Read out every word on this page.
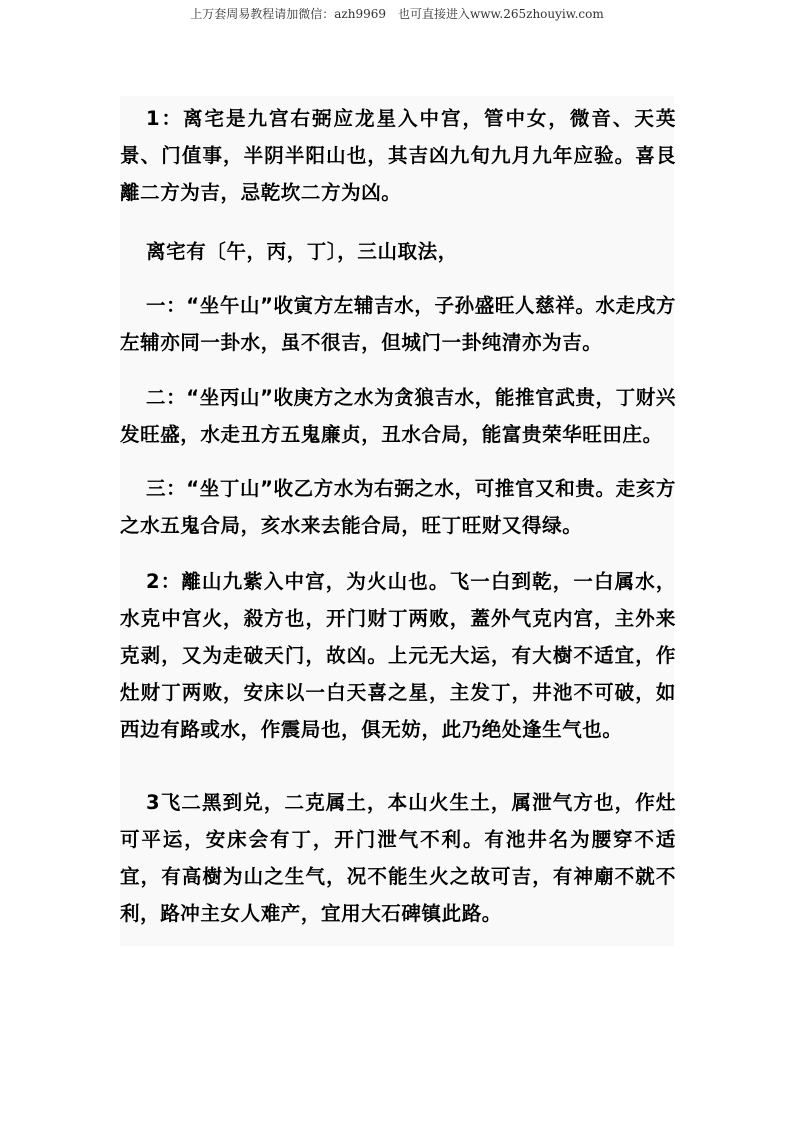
上万套周易教程请加微信：azh9969　也可直接进入www.265zhouyiw.com

1：离宅是九宫右弼应龙星入中宫，管中女，微音、天英景、门值事，半阴半阳山也，其吉凶九旬九月九年应验。喜艮離二方为吉，忌乾坎二方为凶。

离宅有〔午，丙，丁〕，三山取法，

一：“坐午山”收寅方左辅吉水，子孙盛旺人慈祥。水走戌方左辅亦同一卦水，虽不很吉，但城门一卦纯清亦为吉。

二：“坐丙山”收庚方之水为贪狼吉水，能推官武贵，丁财兴发旺盛，水走丑方五鬼廉贞，丑水合局，能富贵荣华旺田庄。

三：“坐丁山”收乙方水为右弼之水，可推官又和贵。走亥方之水五鬼合局，亥水来去能合局，旺丁旺财又得绿。

2：離山九紫入中宫，为火山也。飞一白到乾，一白属水，水克中宫火，殺方也，开门财丁两败，蓋外气克内宫，主外来克剥，又为走破天门，故凶。上元无大运，有大樹不适宜，作灶财丁两败，安床以一白天喜之星，主发丁，井池不可破，如西边有路或水，作震局也，俱无妨，此乃绝处逢生气也。

3飞二黑到兑，二克属土，本山火生土，属泄气方也，作灶可平运，安床会有丁，开门泄气不利。有池井名为腰穿不适宜，有高樹为山之生气，况不能生火之故可吉，有神廟不就不利，路冲主女人难产，宜用大石碑镇此路。
